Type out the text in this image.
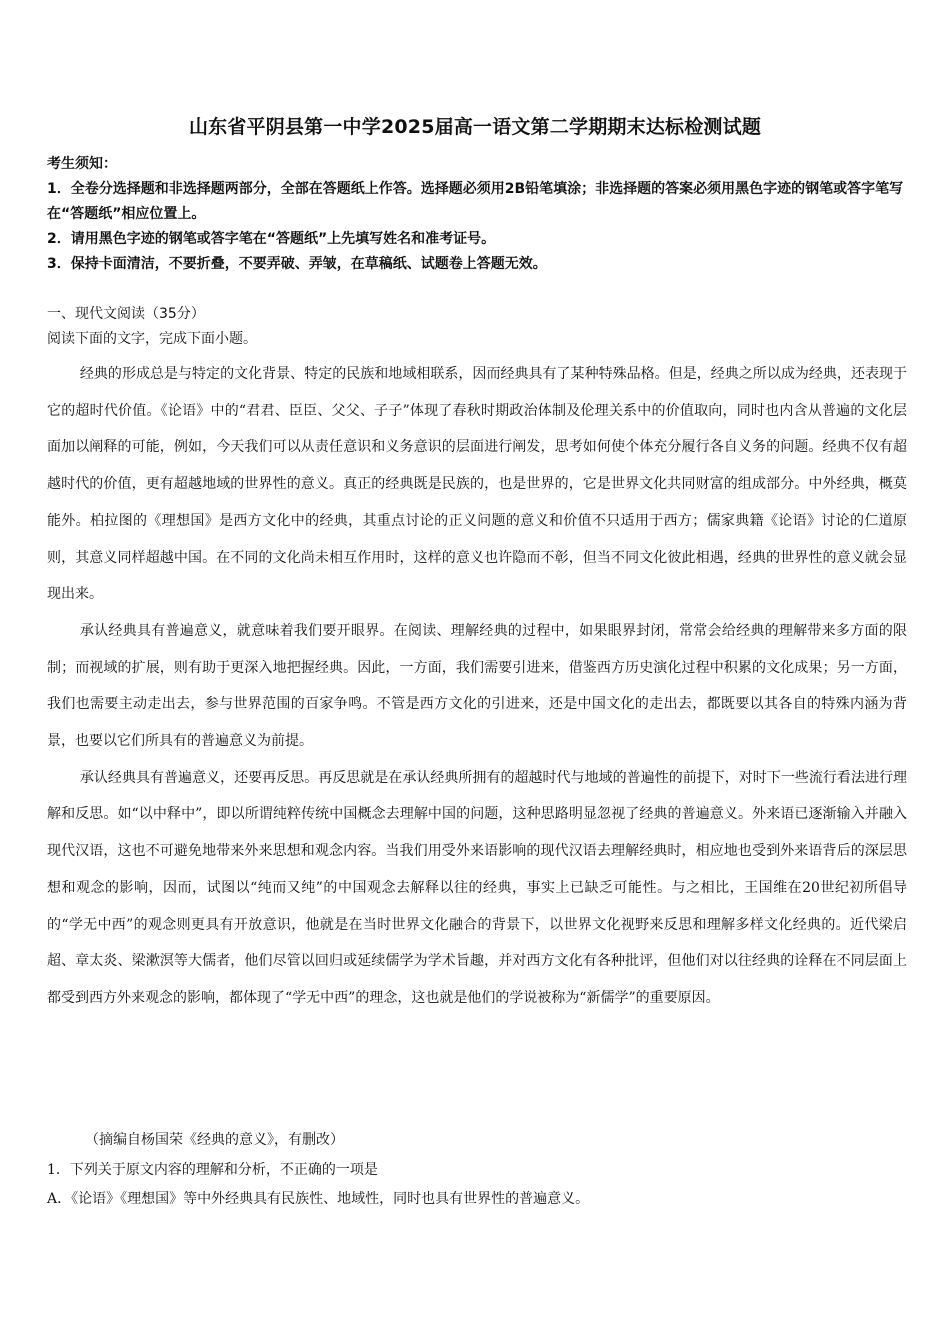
山东省平阴县第一中学2025届高一语文第二学期期末达标检测试题
考生须知：
1．全卷分选择题和非选择题两部分，全部在答题纸上作答。选择题必须用2B铅笔填涂；非选择题的答案必须用黑色字迹的钢笔或答字笔写在“答题纸”相应位置上。
2．请用黑色字迹的钢笔或答字笔在“答题纸”上先填写姓名和准考证号。
3．保持卡面清洁，不要折叠，不要弄破、弄皱，在草稿纸、试题卷上答题无效。
一、现代文阅读（35分）
阅读下面的文字，完成下面小题。

经典的形成总是与特定的文化背景、特定的民族和地域相联系，因而经典具有了某种特殊品格。但是，经典之所以成为经典，还表现于它的超时代价值。《论语》中的“君君、臣臣、父父、子子”体现了春秋时期政治体制及伦理关系中的价值取向，同时也内含从普遍的文化层面加以阐释的可能，例如，今天我们可以从责任意识和义务意识的层面进行阐发，思考如何使个体充分履行各自义务的问题。经典不仅有超越时代的价值，更有超越地域的世界性的意义。真正的经典既是民族的，也是世界的，它是世界文化共同财富的组成部分。中外经典，概莫能外。柏拉图的《理想国》是西方文化中的经典，其重点讨论的正义问题的意义和价值不只适用于西方；儒家典籍《论语》讨论的仁道原则，其意义同样超越中国。在不同的文化尚未相互作用时，这样的意义也许隐而不彰，但当不同文化彼此相遇，经典的世界性的意义就会显现出来。

承认经典具有普遍意义，就意味着我们要开眼界。在阅读、理解经典的过程中，如果眼界封闭，常常会给经典的理解带来多方面的限制；而视域的扩展，则有助于更深入地把握经典。因此，一方面，我们需要引进来，借鉴西方历史演化过程中积累的文化成果；另一方面，我们也需要主动走出去，参与世界范围的百家争鸣。不管是西方文化的引进来，还是中国文化的走出去，都既要以其各自的特殊内涵为背景，也要以它们所具有的普遍意义为前提。

承认经典具有普遍意义，还要再反思。再反思就是在承认经典所拥有的超越时代与地域的普遍性的前提下，对时下一些流行看法进行理解和反思。如“以中释中”，即以所谓纯粹传统中国概念去理解中国的问题，这种思路明显忽视了经典的普遍意义。外来语已逐渐输入并融入现代汉语，这也不可避免地带来外来思想和观念内容。当我们用受外来语影响的现代汉语去理解经典时，相应地也受到外来语背后的深层思想和观念的影响，因而，试图以“纯而又纯”的中国观念去解释以往的经典，事实上已缺乏可能性。与之相比，王国维在20世纪初所倡导的“学无中西”的观念则更具有开放意识，他就是在当时世界文化融合的背景下，以世界文化视野来反思和理解多样文化经典的。近代梁启超、章太炎、梁漱溟等大儒者，他们尽管以回归或延续儒学为学术旨趣，并对西方文化有各种批评，但他们对以往经典的诠释在不同层面上都受到西方外来观念的影响，都体现了“学无中西”的理念，这也就是他们的学说被称为“新儒学”的重要原因。

（摘编自杨国荣《经典的意义》，有删改）
1．下列关于原文内容的理解和分析，不正确的一项是
A．《论语》《理想国》等中外经典具有民族性、地域性，同时也具有世界性的普遍意义。
